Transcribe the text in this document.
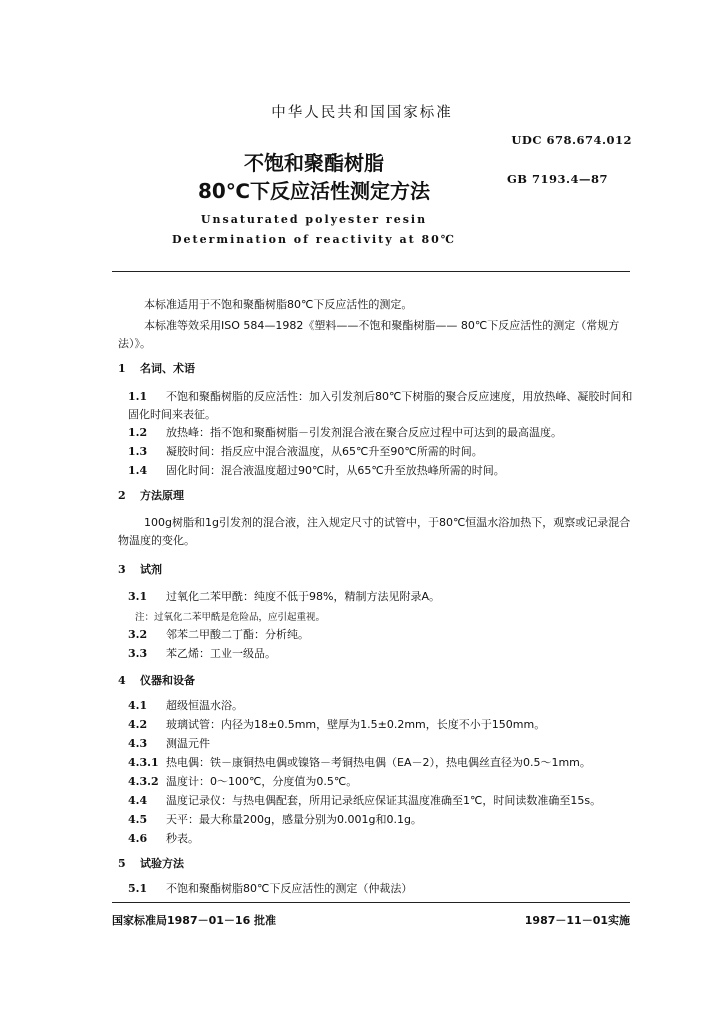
中华人民共和国国家标准
UDC 678.674.012
GB 7193.4—87
不饱和聚酯树脂
80℃下反应活性测定方法
Unsaturated polyester resin
Determination of reactivity at 80℃
本标准适用于不饱和聚酯树脂80℃下反应活性的测定。
本标准等效采用ISO 584—1982《塑料——不饱和聚酯树脂—— 80℃下反应活性的测定（常规方法）》。
1 名词、术语
1.1 不饱和聚酯树脂的反应活性：加入引发剂后80℃下树脂的聚合反应速度，用放热峰、凝胶时间和固化时间来表征。
1.2 放热峰：指不饱和聚酯树脂－引发剂混合液在聚合反应过程中可达到的最高温度。
1.3 凝胶时间：指反应中混合液温度，从65℃升至90℃所需的时间。
1.4 固化时间：混合液温度超过90℃时，从65℃升至放热峰所需的时间。
2 方法原理
100g树脂和1g引发剂的混合液，注入规定尺寸的试管中，于80℃恒温水浴加热下，观察或记录混合物温度的变化。
3 试剂
3.1 过氧化二苯甲酰：纯度不低于98%，精制方法见附录A。
注：过氧化二苯甲酰是危险品，应引起重视。
3.2 邻苯二甲酸二丁酯：分析纯。
3.3 苯乙烯：工业一级品。
4 仪器和设备
4.1 超级恒温水浴。
4.2 玻璃试管：内径为18±0.5mm，壁厚为1.5±0.2mm，长度不小于150mm。
4.3 测温元件
4.3.1 热电偶：铁－康铜热电偶或镍铬－考铜热电偶（EA－2），热电偶丝直径为0.5～1mm。
4.3.2 温度计：0～100℃，分度值为0.5℃。
4.4 温度记录仪：与热电偶配套，所用记录纸应保证其温度准确至1℃，时间读数准确至15s。
4.5 天平：最大称量200g，感量分别为0.001g和0.1g。
4.6 秒表。
5 试验方法
5.1 不饱和聚酯树脂80℃下反应活性的测定（仲裁法）
国家标准局1987－01－16 批准	1987－11－01实施
